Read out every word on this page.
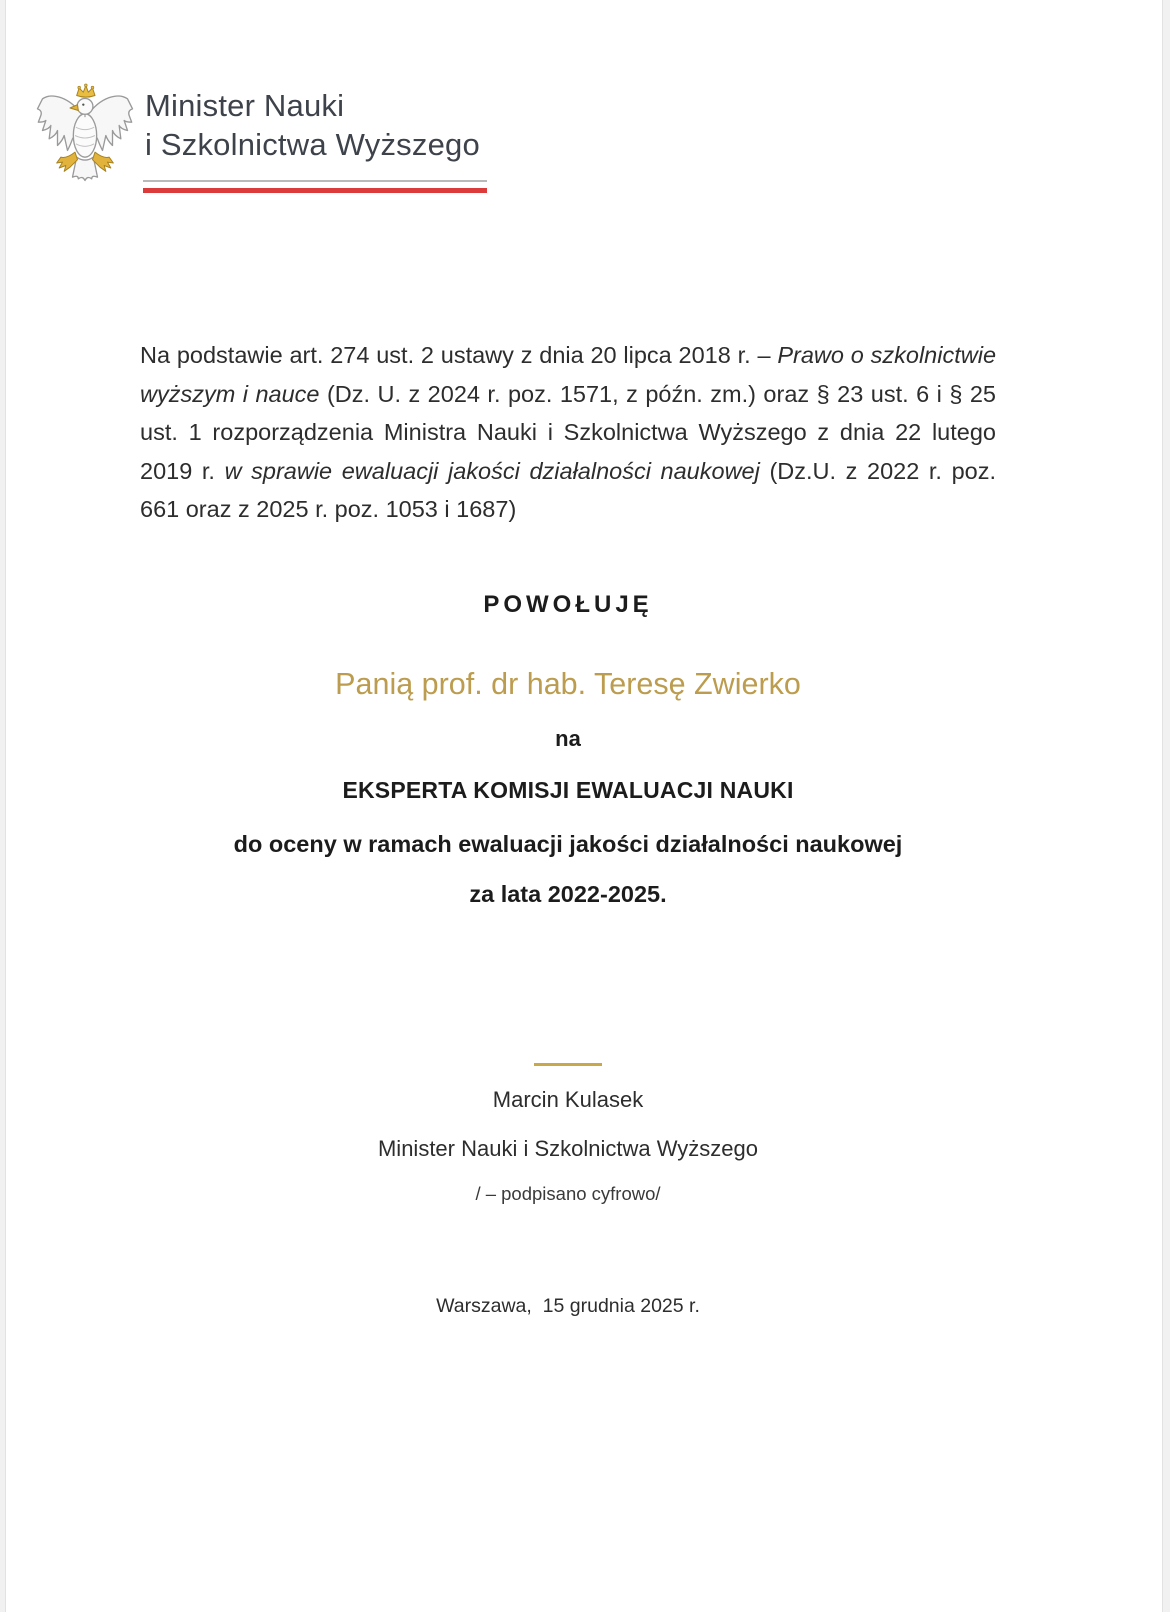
Minister Nauki
i Szkolnictwa Wyższego

Na podstawie art. 274 ust. 2 ustawy z dnia 20 lipca 2018 r. – Prawo o szkolnictwie wyższym i nauce (Dz. U. z 2024 r. poz. 1571, z późn. zm.) oraz § 23 ust. 6 i § 25 ust. 1 rozporządzenia Ministra Nauki i Szkolnictwa Wyższego z dnia 22 lutego 2019 r. w sprawie ewaluacji jakości działalności naukowej (Dz.U. z 2022 r. poz. 661 oraz z 2025 r. poz. 1053 i 1687)

POWOŁUJĘ
Panią prof. dr hab. Teresę Zwierko
na
EKSPERTA KOMISJI EWALUACJI NAUKI
do oceny w ramach ewaluacji jakości działalności naukowej
za lata 2022-2025.
Marcin Kulasek
Minister Nauki i Szkolnictwa Wyższego
/ – podpisano cyfrowo/
Warszawa,  15 grudnia 2025 r.
